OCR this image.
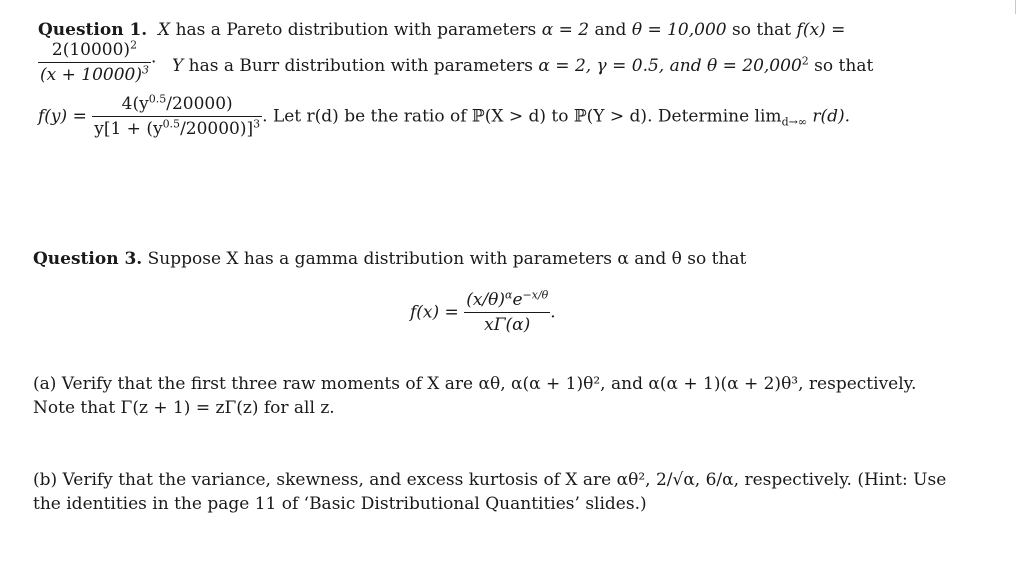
Question 1. X has a Pareto distribution with parameters α = 2 and θ = 10,000 so that f(x) =
$\frac{2(10000)^2}{(x + 10000)^3} \cdot Y$ has a Burr distribution with parameters α = 2, γ = 0.5, and $\theta = 20,000^2$ so that
$f(y) = \frac{4(y^{0.5}/20000)}{y[1 + (y^{0.5}/20000)]^3}$ . Let r(d) be the ratio of ℙ(X > d) to ℙ(Y > d). Determine $\lim_{d\to\infty} r(d)$.
Question 3. Suppose X has a gamma distribution with parameters α and θ so that
$f(x) = \frac{(x/\theta)^\alpha e^{-x/\theta}}{x\Gamma(\alpha)}$ .
(a) Verify that the first three raw moments of X are αθ, α(α + 1)θ², and α(α + 1)(α + 2)θ³, respectively.
Note that Γ(z + 1) = zΓ(z) for all z.
(b) Verify that the variance, skewness, and excess kurtosis of X are αθ², 2/√α, 6/α, respectively. (Hint: Use
the identities in the page 11 of ‘Basic Distributional Quantities’ slides.)
